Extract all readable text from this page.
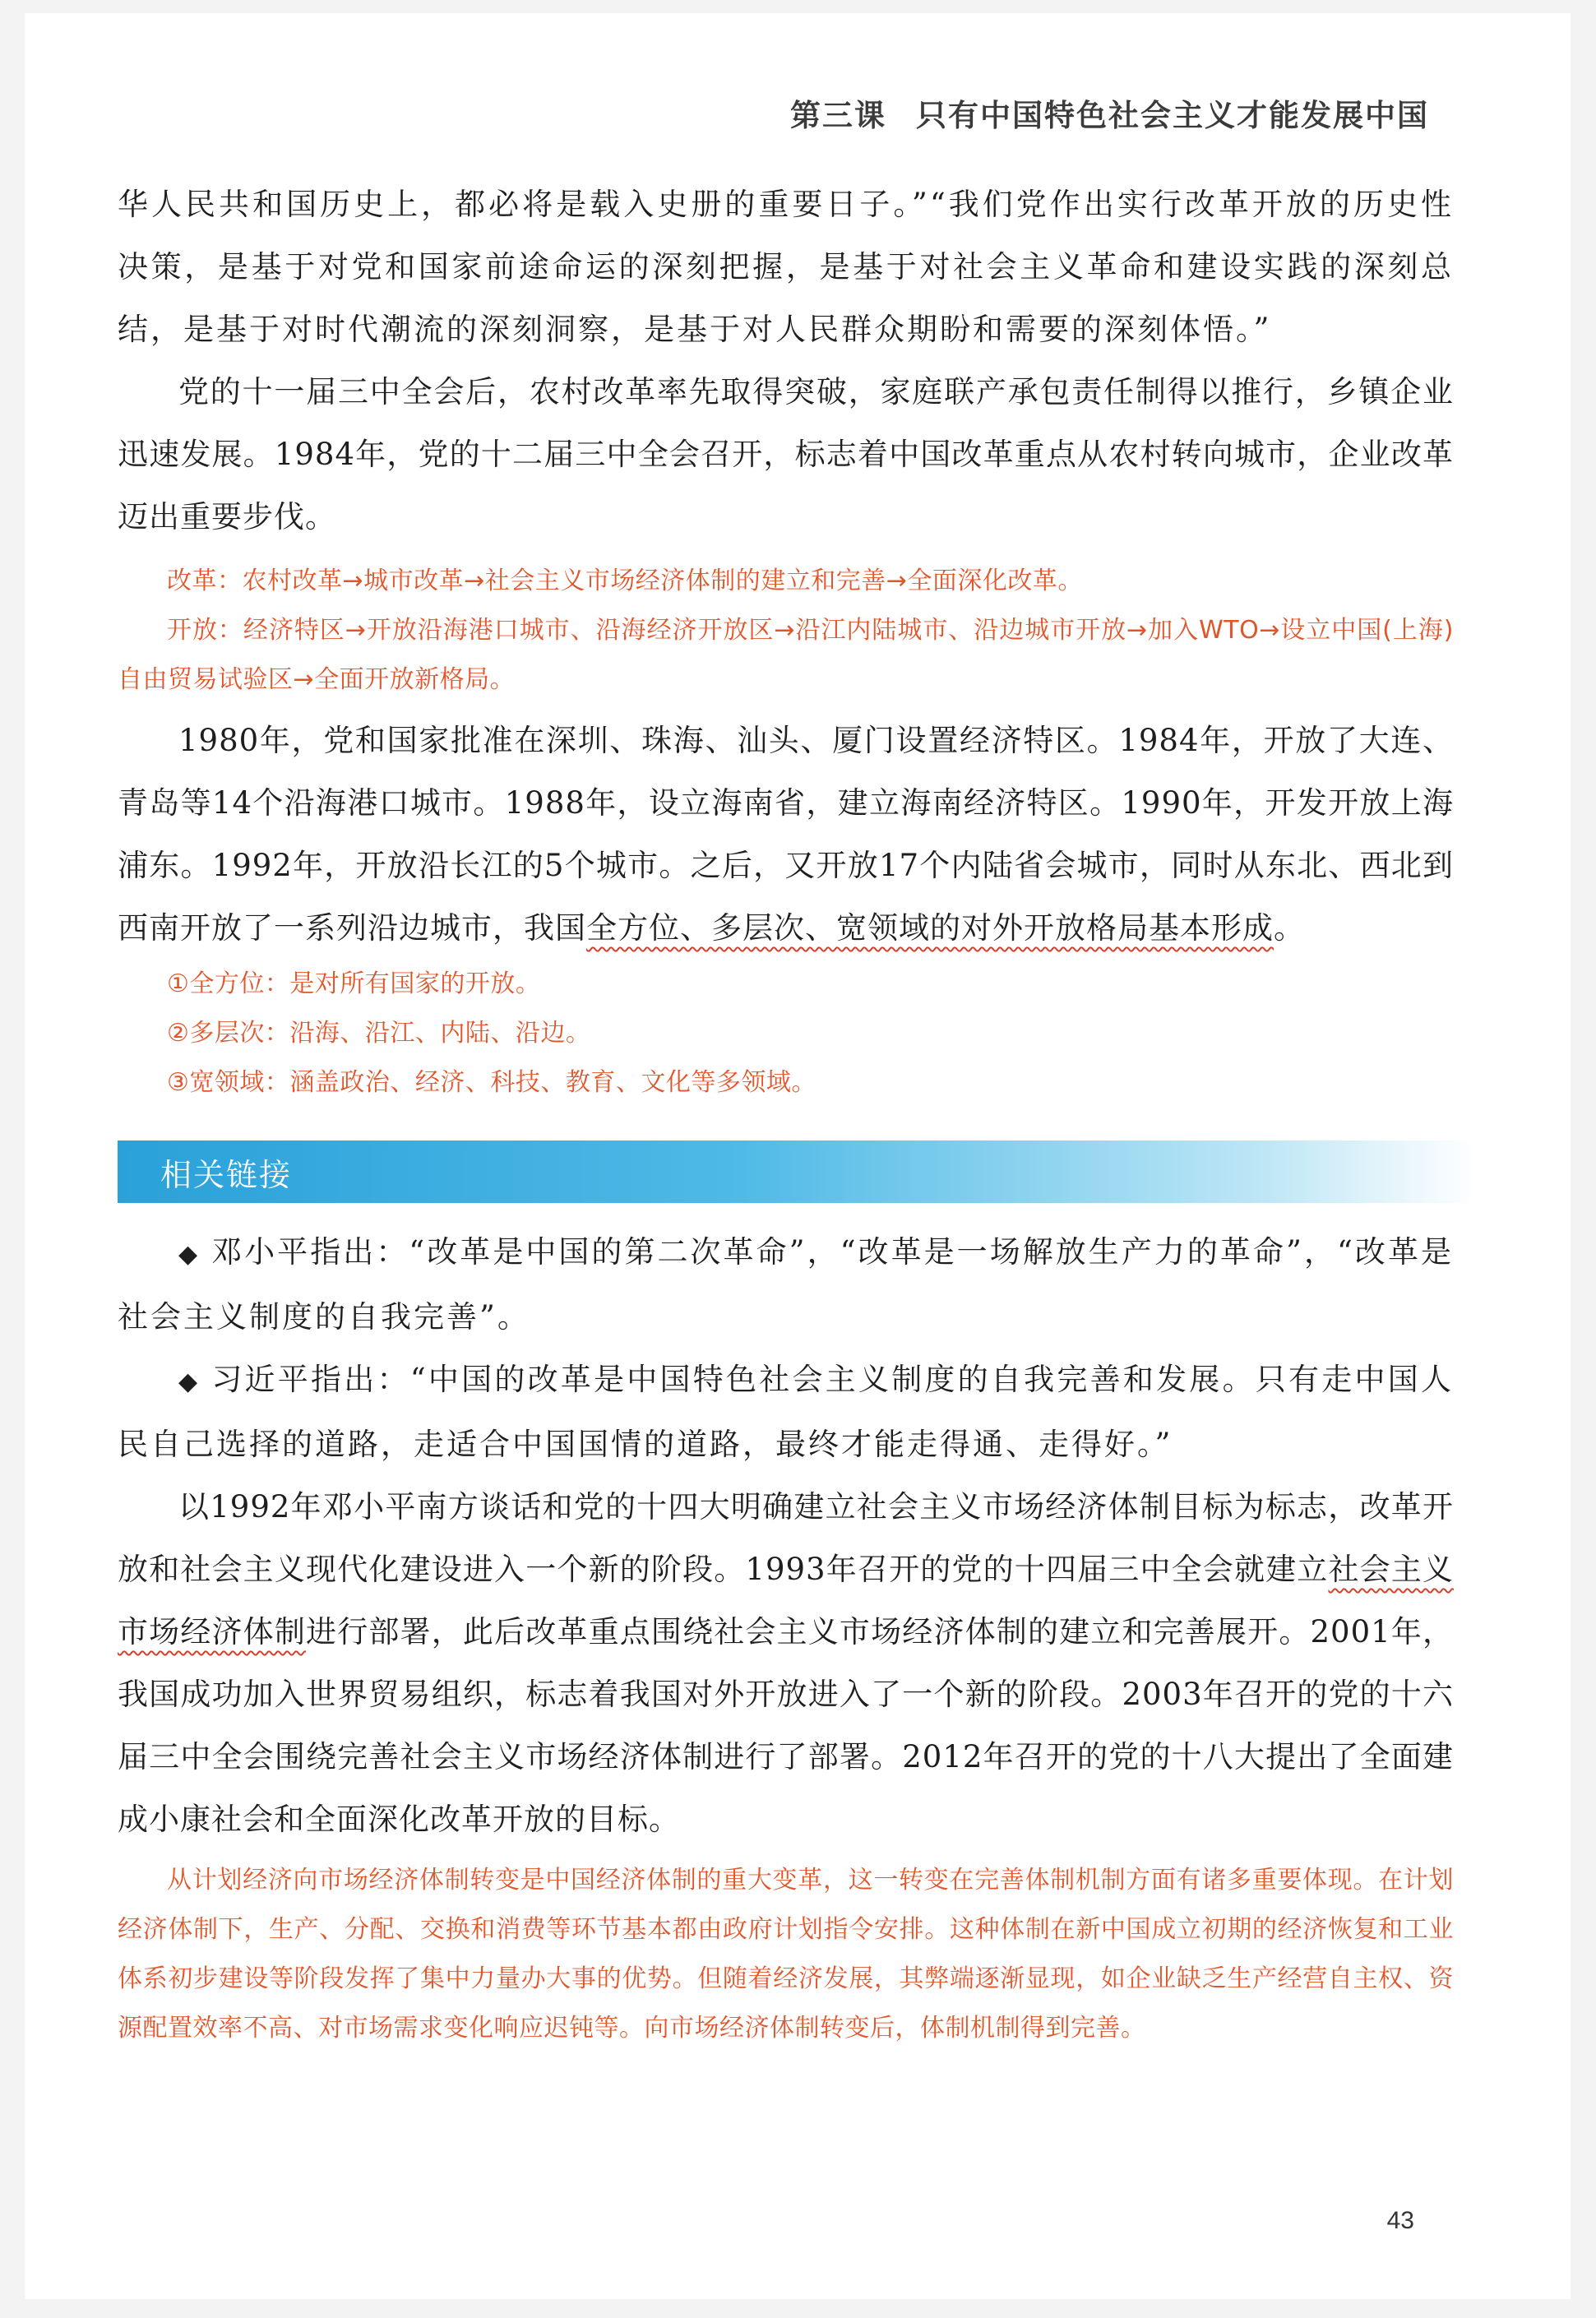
第三课 只有中国特色社会主义才能发展中国

华人民共和国历史上，都必将是载入史册的重要日子。”“我们党作出实行改革开放的历史性决策，是基于对党和国家前途命运的深刻把握，是基于对社会主义革命和建设实践的深刻总结，是基于对时代潮流的深刻洞察，是基于对人民群众期盼和需要的深刻体悟。”

党的十一届三中全会后，农村改革率先取得突破，家庭联产承包责任制得以推行，乡镇企业迅速发展。1984年，党的十二届三中全会召开，标志着中国改革重点从农村转向城市，企业改革迈出重要步伐。

改革：农村改革→城市改革→社会主义市场经济体制的建立和完善→全面深化改革。

开放：经济特区→开放沿海港口城市、沿海经济开放区→沿江内陆城市、沿边城市开放→加入WTO→设立中国(上海)自由贸易试验区→全面开放新格局。

1980年，党和国家批准在深圳、珠海、汕头、厦门设置经济特区。1984年，开放了大连、青岛等14个沿海港口城市。1988年，设立海南省，建立海南经济特区。1990年，开发开放上海浦东。1992年，开放沿长江的5个城市。之后，又开放17个内陆省会城市，同时从东北、西北到西南开放了一系列沿边城市，我国全方位、多层次、宽领域的对外开放格局基本形成。

①全方位：是对所有国家的开放。

②多层次：沿海、沿江、内陆、沿边。

③宽领域：涵盖政治、经济、科技、教育、文化等多领域。

相关链接

◆ 邓小平指出：“改革是中国的第二次革命”，“改革是一场解放生产力的革命”，“改革是社会主义制度的自我完善”。

◆ 习近平指出：“中国的改革是中国特色社会主义制度的自我完善和发展。只有走中国人民自己选择的道路，走适合中国国情的道路，最终才能走得通、走得好。”

以1992年邓小平南方谈话和党的十四大明确建立社会主义市场经济体制目标为标志，改革开放和社会主义现代化建设进入一个新的阶段。1993年召开的党的十四届三中全会就建立社会主义市场经济体制进行部署，此后改革重点围绕社会主义市场经济体制的建立和完善展开。2001年，我国成功加入世界贸易组织，标志着我国对外开放进入了一个新的阶段。2003年召开的党的十六届三中全会围绕完善社会主义市场经济体制进行了部署。2012年召开的党的十八大提出了全面建成小康社会和全面深化改革开放的目标。

从计划经济向市场经济体制转变是中国经济体制的重大变革，这一转变在完善体制机制方面有诸多重要体现。在计划经济体制下，生产、分配、交换和消费等环节基本都由政府计划指令安排。这种体制在新中国成立初期的经济恢复和工业体系初步建设等阶段发挥了集中力量办大事的优势。但随着经济发展，其弊端逐渐显现，如企业缺乏生产经营自主权、资源配置效率不高、对市场需求变化响应迟钝等。向市场经济体制转变后，体制机制得到完善。

43
